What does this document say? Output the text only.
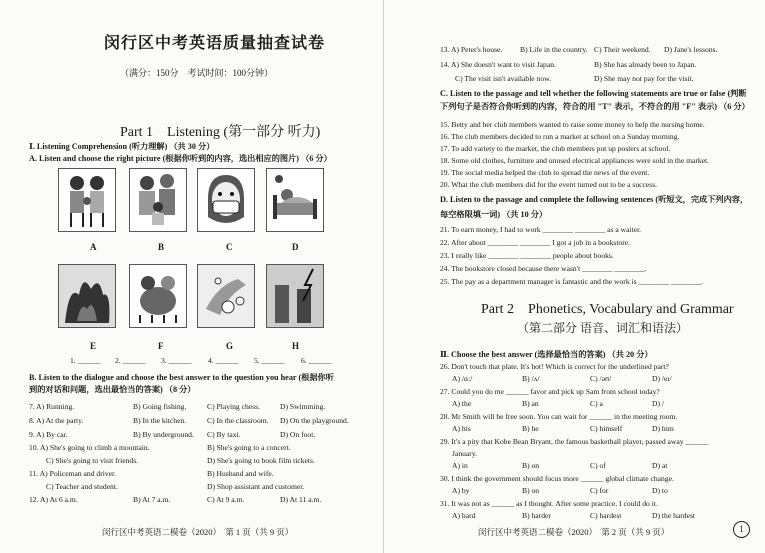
闵行区中考英语质量抽查试卷
（满分：150分　考试时间：100分钟）
Part 1　Listening (第一部分 听力)
Ⅰ. Listening Comprehension (听力理解) （共 30 分）
A. Listen and choose the right picture (根据你听到的内容，选出相应的图片) （6 分）
A	B	C	D
E	F	G	H
1. ______ 2. ______ 3. ______ 4. ______ 5. ______ 6. ______
B. Listen to the dialogue and choose the best answer to the question you hear (根据你听
到的对话和问题，选出最恰当的答案) （8 分）
7. A) Running.	B) Going fishing.	C) Playing chess.	D) Swimming.
8. A) At the party.	B) In the kitchen.	C) In the classroom. D) On the playground.
9. A) By car.	B) By underground. C) By taxi.	D) On foot.
10. A) She's going to climb a mountain.	B) She's going to a concert.
C) She's going to visit friends.	D) She's going to book film tickets.
11. A) Policeman and driver.	B) Husband and wife.
C) Teacher and student.	D) Shop assistant and customer.
12. A) At 6 a.m.	B) At 7 a.m.	C) At 9 a.m.	D) At 11 a.m.
闵行区中考英语二模卷（2020）　第 1 页（共 9 页）
13. A) Peter's house. B) Life in the country. C) Their weekend. D) Jane's lessons.
14. A) She doesn't want to visit Japan.	B) She has already been to Japan.
C) The visit isn't available now.	D) She may not pay for the visit.
C. Listen to the passage and tell whether the following statements are true or false (判断
下列句子是否符合你听到的内容，符合的用 "T" 表示，不符合的用 "F" 表示) （6 分）
15. Betty and her club members wanted to raise some money to help the nursing home.
16. The club members decided to run a market at school on a Sunday morning.
17. To add variety to the market, the club members put up posters at school.
18. Some old clothes, furniture and unused electrical appliances were sold in the market.
19. The social media helped the club to spread the news of the event.
20. What the club members did for the event turned out to be a success.
D. Listen to the passage and complete the following sentences (听短文，完成下列内容，
每空格限填一词) （共 10 分）
21. To earn money, I had to work ________ ________ as a waiter.
22. After about ________ ________ I got a job in a bookstore.
23. I really like ________ ________ people about books.
24. The bookstore closed because there wasn't ________ ________.
25. The pay as a department manager is fantastic and the work is ________ ________.
Part 2　Phonetics, Vocabulary and Grammar
（第二部分 语音、词汇和语法）
Ⅱ. Choose the best answer (选择最恰当的答案) （共 20 分）
26. Don't touch that plate. It's hot! Which is correct for the underlined part?
A) /ɑ:/	B) /ʌ/	C) /əʊ/	D) /eɪ/
27. Could you do me ______ favor and pick up Sam from school today?
A) the	B) an	C) a	D) /
28. Mr Smith will be free soon. You can wait for ______ in the meeting room.
A) his	B) he	C) himself	D) him
29. It's a pity that Kobe Bean Bryant, the famous basketball player, passed away ______
January.
A) in	B) on	C) of	D) at
30. I think the government should focus more ______ global climate change.
A) by	B) on	C) for	D) to
31. It was not as ______ as I thought. After some practice, I could do it.
A) hard	B) harder	C) hardest	D) the hardest
闵行区中考英语二模卷（2020）　第 2 页（共 9 页）	1
